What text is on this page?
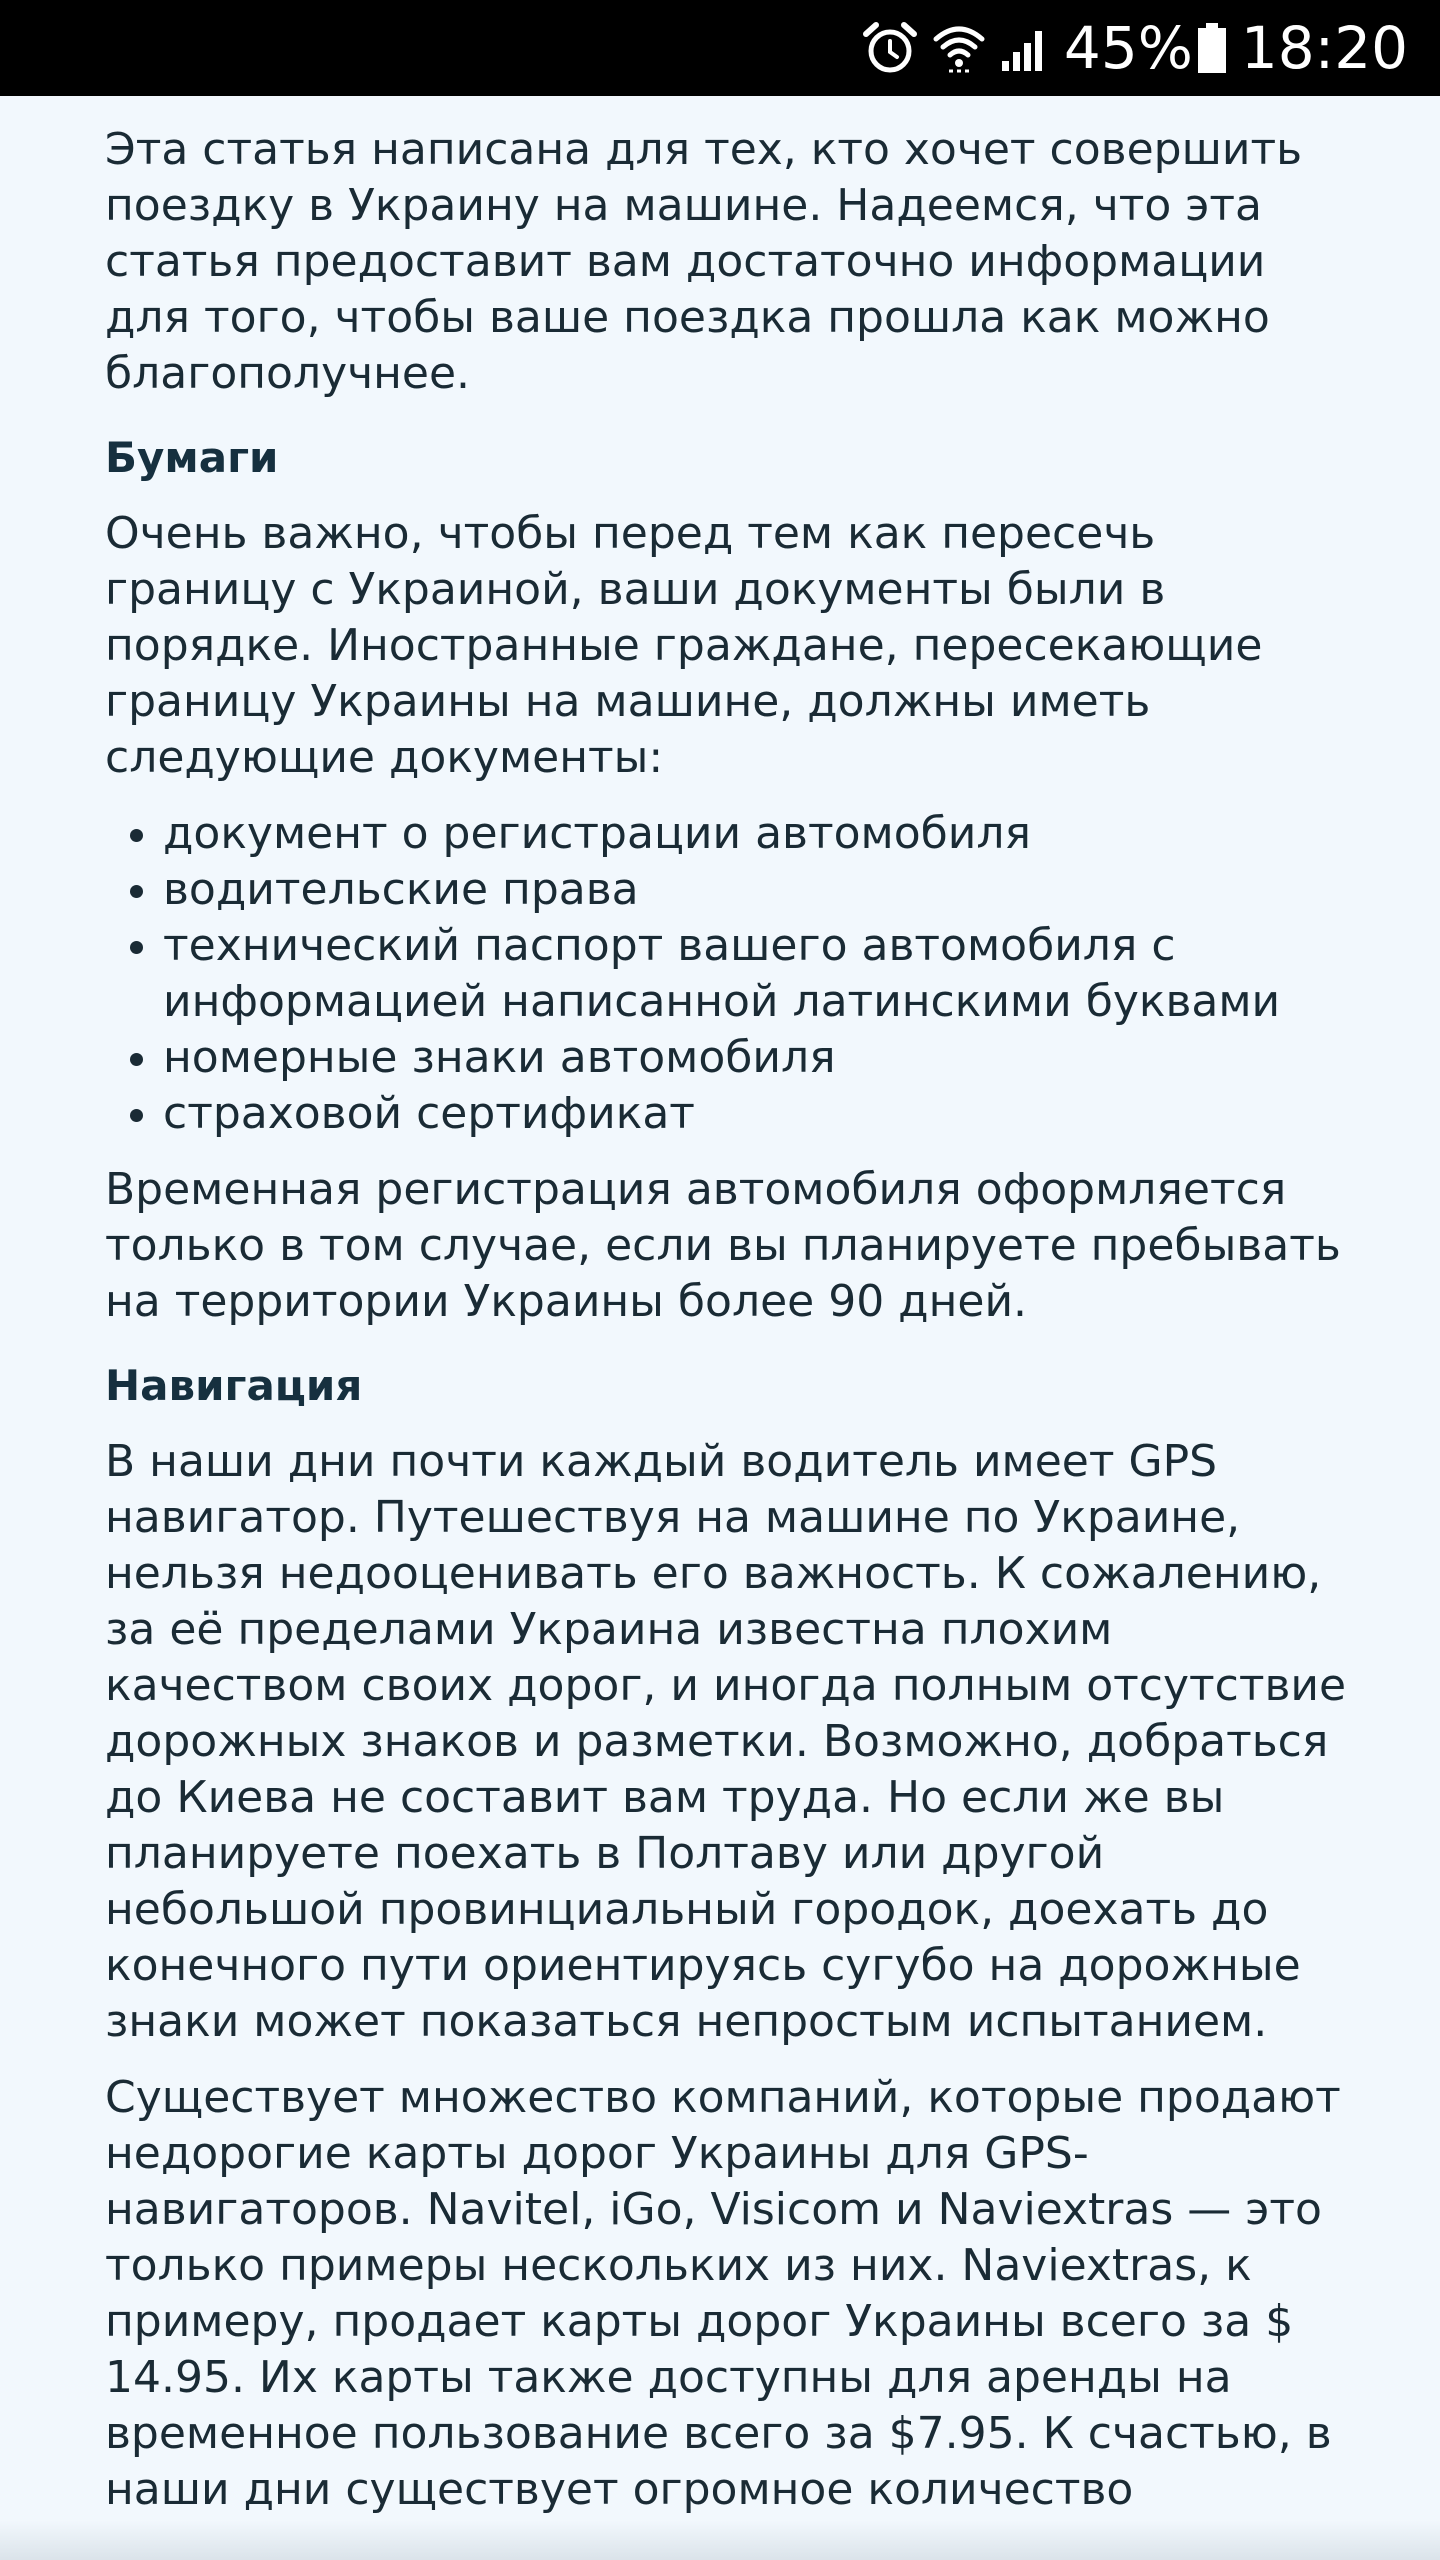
45% 18:20

Эта статья написана для тех, кто хочет совершить поездку в Украину на машине. Надеемся, что эта статья предоставит вам достаточно информации для того, чтобы ваше поездка прошла как можно благополучнее.

Бумаги

Очень важно, чтобы перед тем как пересечь границу с Украиной, ваши документы были в порядке. Иностранные граждане, пересекающие границу Украины на машине, должны иметь следующие документы:

• документ о регистрации автомобиля
• водительские права
• технический паспорт вашего автомобиля с информацией написанной латинскими буквами
• номерные знаки автомобиля
• страховой сертификат

Временная регистрация автомобиля оформляется только в том случае, если вы планируете пребывать на территории Украины более 90 дней.

Навигация

В наши дни почти каждый водитель имеет GPS навигатор. Путешествуя на машине по Украине, нельзя недооценивать его важность. К сожалению, за её пределами Украина известна плохим качеством своих дорог, и иногда полным отсутствие дорожных знаков и разметки. Возможно, добраться до Киева не составит вам труда. Но если же вы планируете поехать в Полтаву или другой небольшой провинциальный городок, доехать до конечного пути ориентируясь сугубо на дорожные знаки может показаться непростым испытанием.

Существует множество компаний, которые продают недорогие карты дорог Украины для GPS-навигаторов. Navitel, iGo, Visicom и Naviextras — это только примеры нескольких из них. Naviextras, к примеру, продает карты дорог Украины всего за $ 14.95. Их карты также доступны для аренды на временное пользование всего за $7.95. К счастью, в наши дни существует огромное количество
